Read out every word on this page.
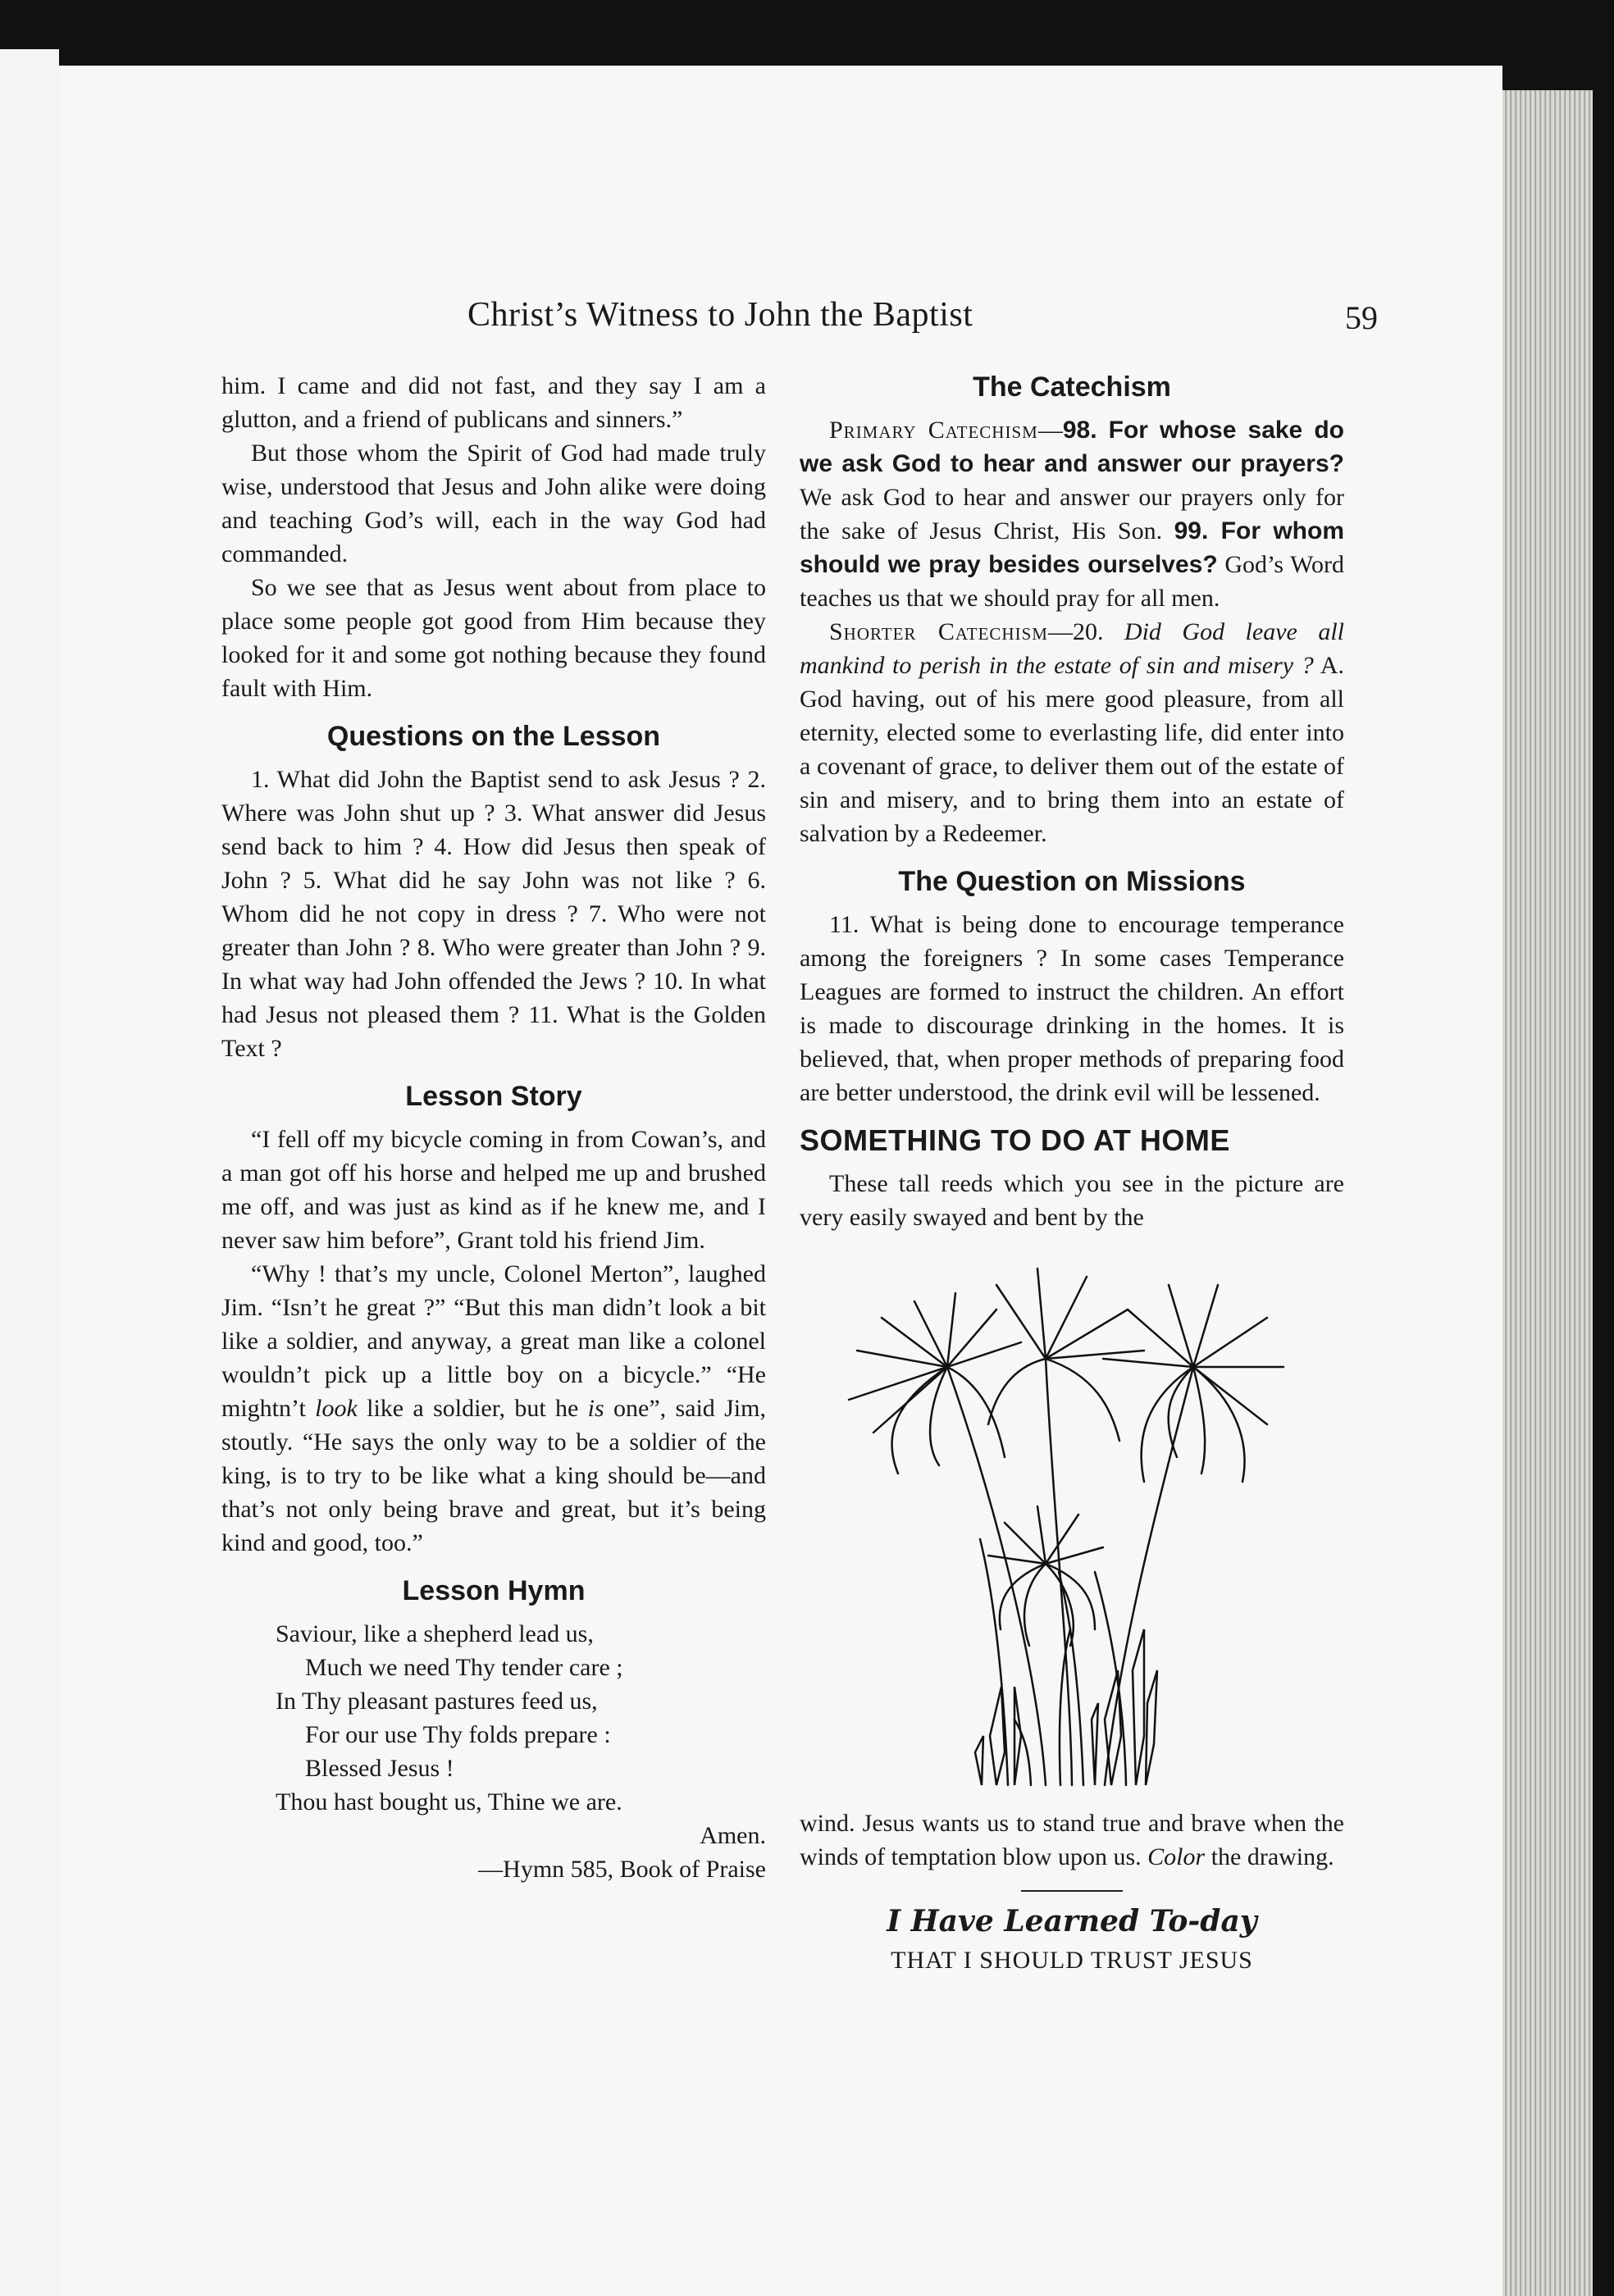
Christ’s Witness to John the Baptist	59

him. I came and did not fast, and they say I am a glutton, and a friend of publicans and sinners.”

But those whom the Spirit of God had made truly wise, understood that Jesus and John alike were doing and teaching God’s will, each in the way God had commanded.

So we see that as Jesus went about from place to place some people got good from Him because they looked for it and some got nothing because they found fault with Him.

Questions on the Lesson

1. What did John the Baptist send to ask Jesus ? 2. Where was John shut up ? 3. What answer did Jesus send back to him ? 4. How did Jesus then speak of John ? 5. What did he say John was not like ? 6. Whom did he not copy in dress ? 7. Who were not greater than John ? 8. Who were greater than John ? 9. In what way had John offended the Jews ? 10. In what had Jesus not pleased them ? 11. What is the Golden Text ?

Lesson Story

“I fell off my bicycle coming in from Cowan’s, and a man got off his horse and helped me up and brushed me off, and was just as kind as if he knew me, and I never saw him before”, Grant told his friend Jim.

“Why ! that’s my uncle, Colonel Merton”, laughed Jim. “Isn’t he great ?” “But this man didn’t look a bit like a soldier, and anyway, a great man like a colonel wouldn’t pick up a little boy on a bicycle.” “He mightn’t look like a soldier, but he is one”, said Jim, stoutly. “He says the only way to be a soldier of the king, is to try to be like what a king should be—and that’s not only being brave and great, but it’s being kind and good, too.”

Lesson Hymn
Saviour, like a shepherd lead us,
Much we need Thy tender care ;
In Thy pleasant pastures feed us,
For our use Thy folds prepare :
Blessed Jesus !
Thou hast bought us, Thine we are.
Amen.
—Hymn 585, Book of Praise
The Catechism

Primary Catechism—98. For whose sake do we ask God to hear and answer our prayers? We ask God to hear and answer our prayers only for the sake of Jesus Christ, His Son. 99. For whom should we pray besides ourselves? God’s Word teaches us that we should pray for all men.

Shorter Catechism—20. Did God leave all mankind to perish in the estate of sin and misery ? A. God having, out of his mere good pleasure, from all eternity, elected some to everlasting life, did enter into a covenant of grace, to deliver them out of the estate of sin and misery, and to bring them into an estate of salvation by a Redeemer.

The Question on Missions

11. What is being done to encourage temperance among the foreigners ? In some cases Temperance Leagues are formed to instruct the children. An effort is made to discourage drinking in the homes. It is believed, that, when proper methods of preparing food are better understood, the drink evil will be lessened.

SOMETHING TO DO AT HOME

These tall reeds which you see in the picture are very easily swayed and bent by the

wind. Jesus wants us to stand true and brave when the winds of temptation blow upon us. Color the drawing.

I Have Learned To-day
THAT I SHOULD TRUST JESUS
